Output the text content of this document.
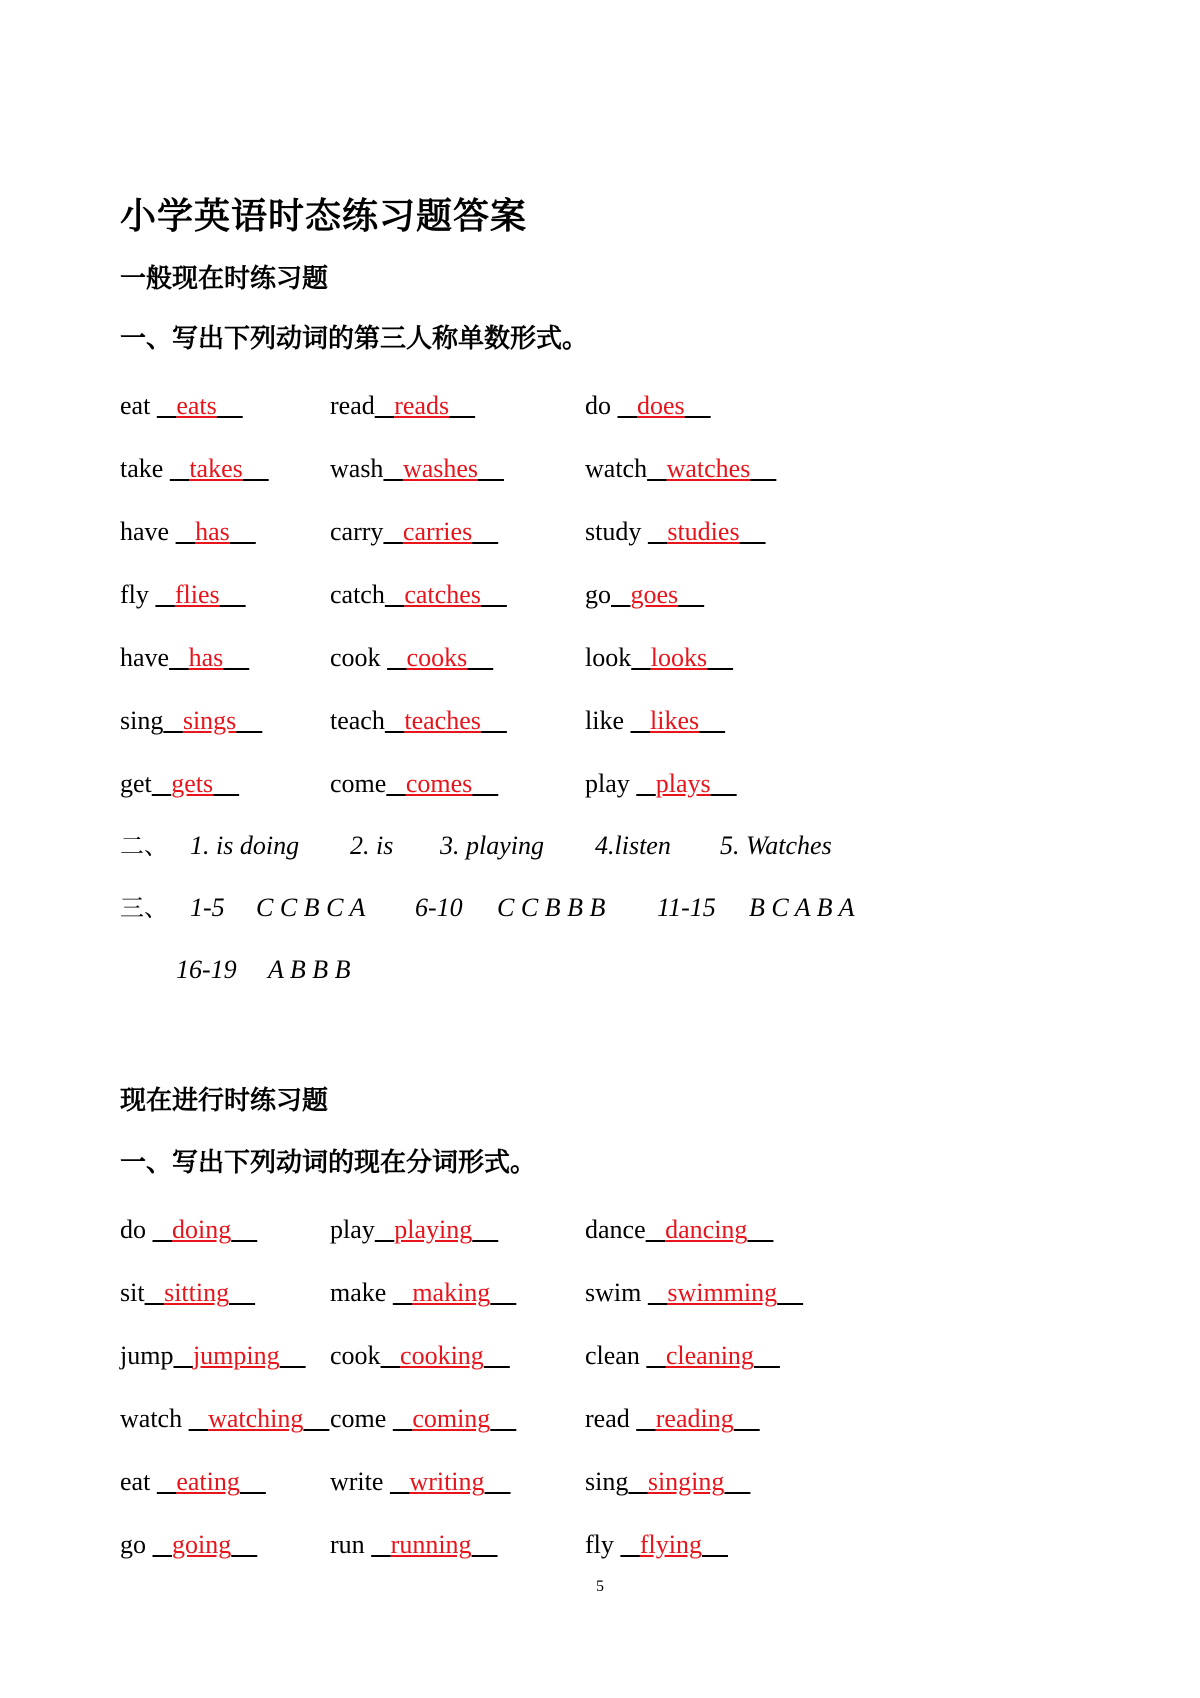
小学英语时态练习题答案
一般现在时练习题
一、写出下列动词的第三人称单数形式。
eat    eats	read reads	do    does
take    takes	wash washes	watch watches
have    has	carry carries	study    studies
fly    flies	catch catches	go goes
have has	cook    cooks	look looks
sing sings	teach teaches	like    likes
get gets	come comes	play    plays
二、 1. is doing 2. is 3. playing 4.listen 5. Watches
三、 1-5 C C B C A 6-10 C C B B B 11-15 B C A B A
16-19 A B B B
现在进行时练习题
一、写出下列动词的现在分词形式。
do    doing	play playing	dance dancing
sit sitting	make    making	swim    swimming
jump jumping	cook cooking	clean    cleaning
watch    watching	come    coming	read    reading
eat    eating	write    writing	sing singing
go    going	run    running	fly    flying
5
